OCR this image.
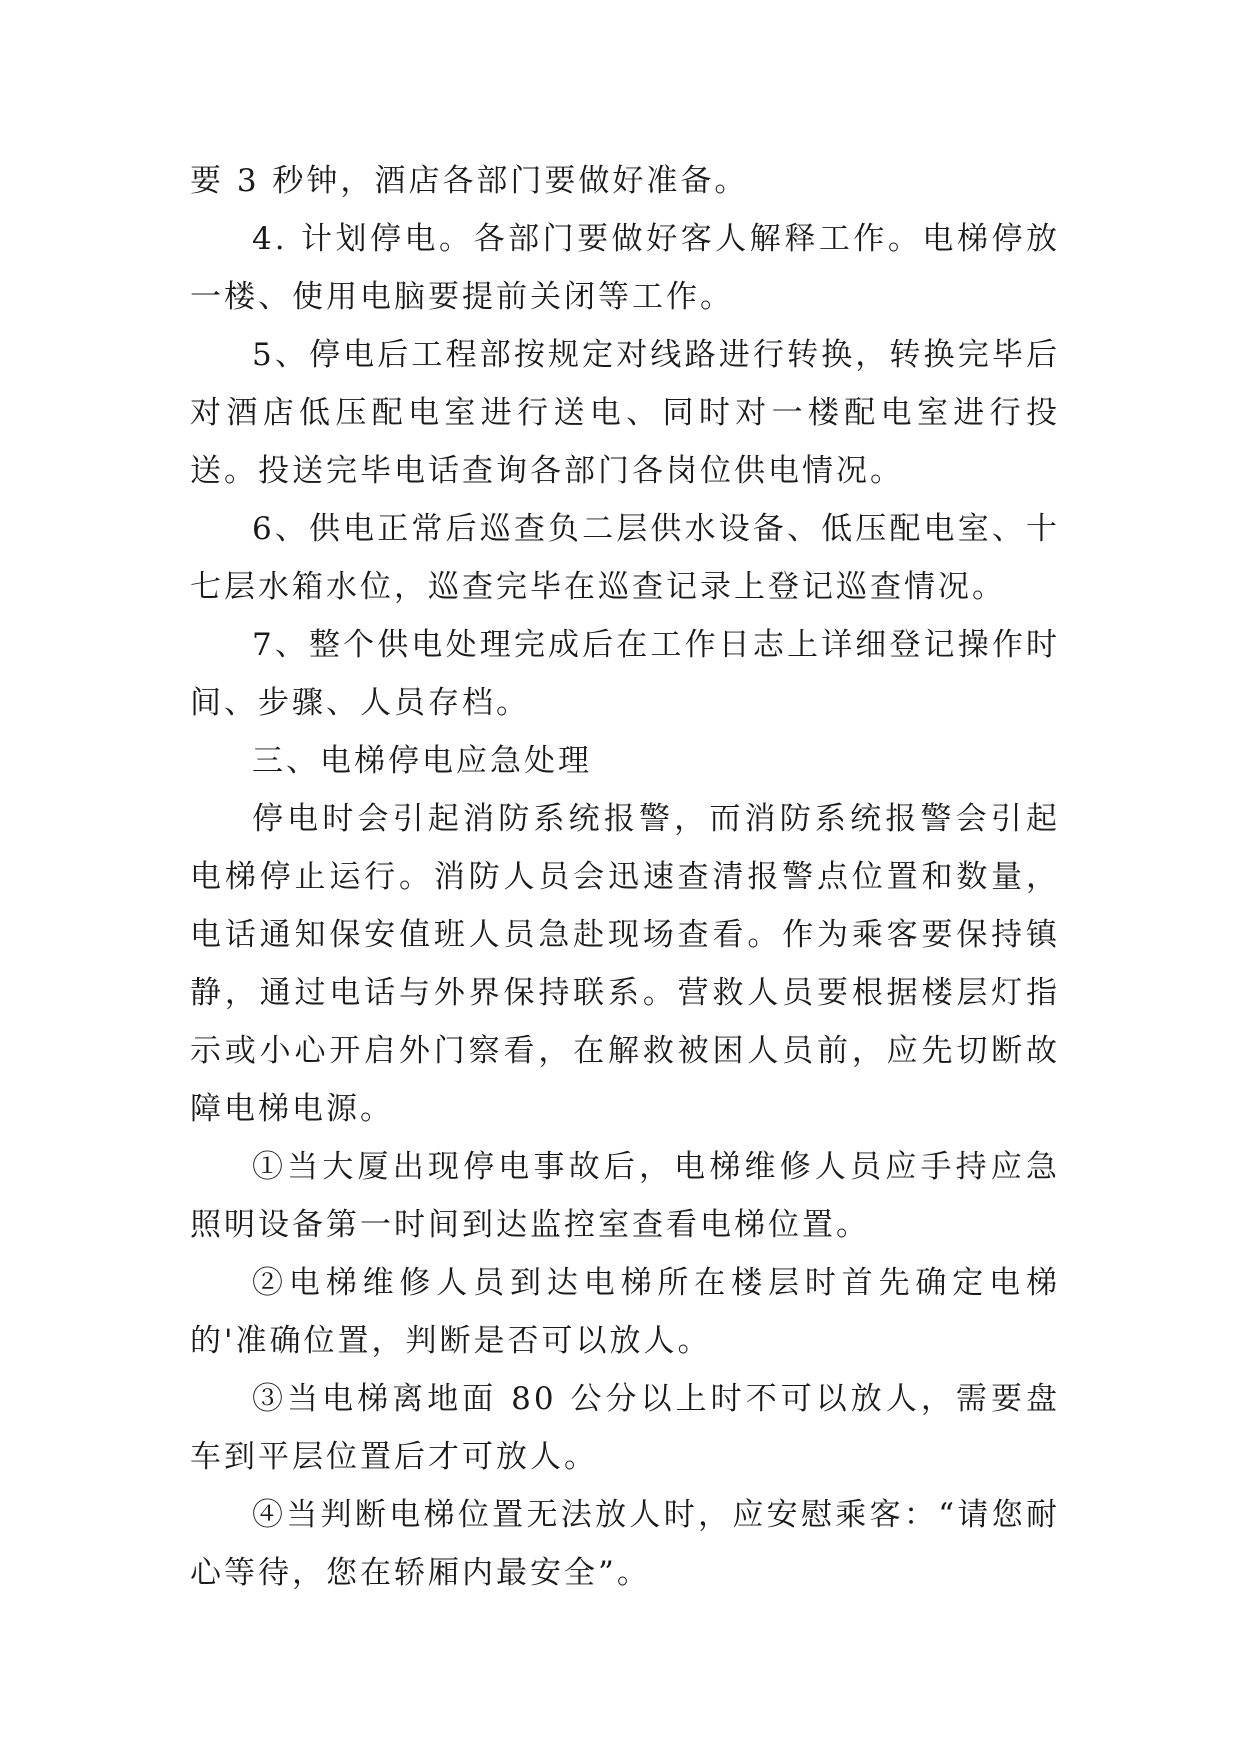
要 3 秒钟，酒店各部门要做好准备。

4. 计划停电。各部门要做好客人解释工作。电梯停放一楼、使用电脑要提前关闭等工作。

5、停电后工程部按规定对线路进行转换，转换完毕后对酒店低压配电室进行送电、同时对一楼配电室进行投送。投送完毕电话查询各部门各岗位供电情况。

6、供电正常后巡查负二层供水设备、低压配电室、十七层水箱水位，巡查完毕在巡查记录上登记巡查情况。

7、整个供电处理完成后在工作日志上详细登记操作时间、步骤、人员存档。

三、电梯停电应急处理

停电时会引起消防系统报警，而消防系统报警会引起电梯停止运行。消防人员会迅速查清报警点位置和数量，电话通知保安值班人员急赴现场查看。作为乘客要保持镇静，通过电话与外界保持联系。营救人员要根据楼层灯指示或小心开启外门察看，在解救被困人员前，应先切断故障电梯电源。

①当大厦出现停电事故后，电梯维修人员应手持应急照明设备第一时间到达监控室查看电梯位置。

②电梯维修人员到达电梯所在楼层时首先确定电梯的'准确位置，判断是否可以放人。

③当电梯离地面 80 公分以上时不可以放人，需要盘车到平层位置后才可放人。

④当判断电梯位置无法放人时，应安慰乘客：“请您耐心等待，您在轿厢内最安全”。
